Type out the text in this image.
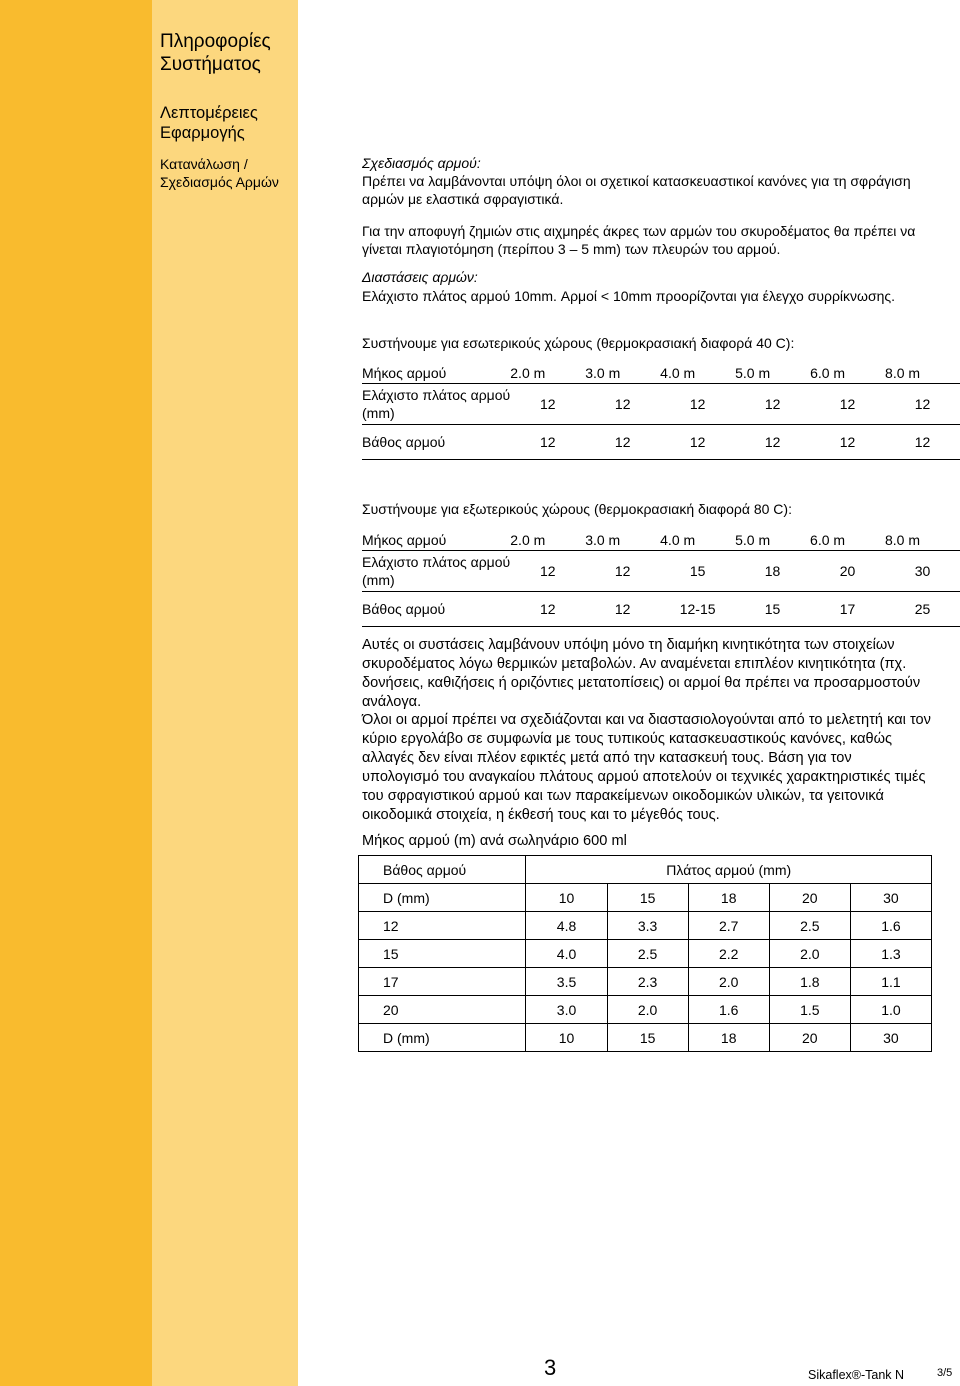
Πληροφορίες Συστήματος
Λεπτομέρειες Εφαρμογής
Κατανάλωση / Σχεδιασμός Αρμών
Σχεδιασμός αρμού:
Πρέπει να λαμβάνονται υπόψη όλοι οι σχετικοί κατασκευαστικοί κανόνες για τη σφράγιση αρμών με ελαστικά σφραγιστικά.
Για την αποφυγή ζημιών στις αιχμηρές άκρες των αρμών του σκυροδέματος θα πρέπει να γίνεται πλαγιοτόμηση (περίπου 3 – 5 mm) των πλευρών του αρμού.
Διαστάσεις αρμών:
Ελάχιστο πλάτος αρμού 10mm. Αρμοί < 10mm προορίζονται για έλεγχο συρρίκνωσης.
Συστήνουμε για εσωτερικούς χώρους (θερμοκρασιακή διαφορά 40 C):
Μήκος αρμού	2.0 m	3.0 m	4.0 m	5.0 m	6.0 m	8.0 m
Ελάχιστο πλάτος αρμού (mm)	12	12	12	12	12	12
Βάθος αρμού	12	12	12	12	12	12
Συστήνουμε για εξωτερικούς χώρους (θερμοκρασιακή διαφορά 80 C):
Μήκος αρμού	2.0 m	3.0 m	4.0 m	5.0 m	6.0 m	8.0 m
Ελάχιστο πλάτος αρμού (mm)	12	12	15	18	20	30
Βάθος αρμού	12	12	12-15	15	17	25
Αυτές οι συστάσεις λαμβάνουν υπόψη μόνο τη διαμήκη κινητικότητα των στοιχείων σκυροδέματος λόγω θερμικών μεταβολών. Αν αναμένεται επιπλέον κινητικότητα (πχ. δονήσεις, καθιζήσεις ή οριζόντιες μετατοπίσεις) οι αρμοί θα πρέπει να προσαρμοστούν ανάλογα.
Όλοι οι αρμοί πρέπει να σχεδιάζονται και να διαστασιολογούνται από το μελετητή και τον κύριο εργολάβο σε συμφωνία με τους τυπικούς κατασκευαστικούς κανόνες, καθώς αλλαγές δεν είναι πλέον εφικτές μετά από την κατασκευή τους. Βάση για τον υπολογισμό του αναγκαίου πλάτους αρμού αποτελούν οι τεχνικές χαρακτηριστικές τιμές του σφραγιστικού αρμού και των παρακείμενων οικοδομικών υλικών, τα γειτονικά οικοδομικά στοιχεία, η έκθεσή τους και το μέγεθός τους.
Μήκος αρμού (m) ανά σωληνάριο 600 ml
Βάθος αρμού	Πλάτος αρμού (mm)				
D (mm)	10	15	18	20	30
12	4.8	3.3	2.7	2.5	1.6
15	4.0	2.5	2.2	2.0	1.3
17	3.5	2.3	2.0	1.8	1.1
20	3.0	2.0	1.6	1.5	1.0
D (mm)	10	15	18	20	30
3	Sikaflex®-Tank N	3/5
